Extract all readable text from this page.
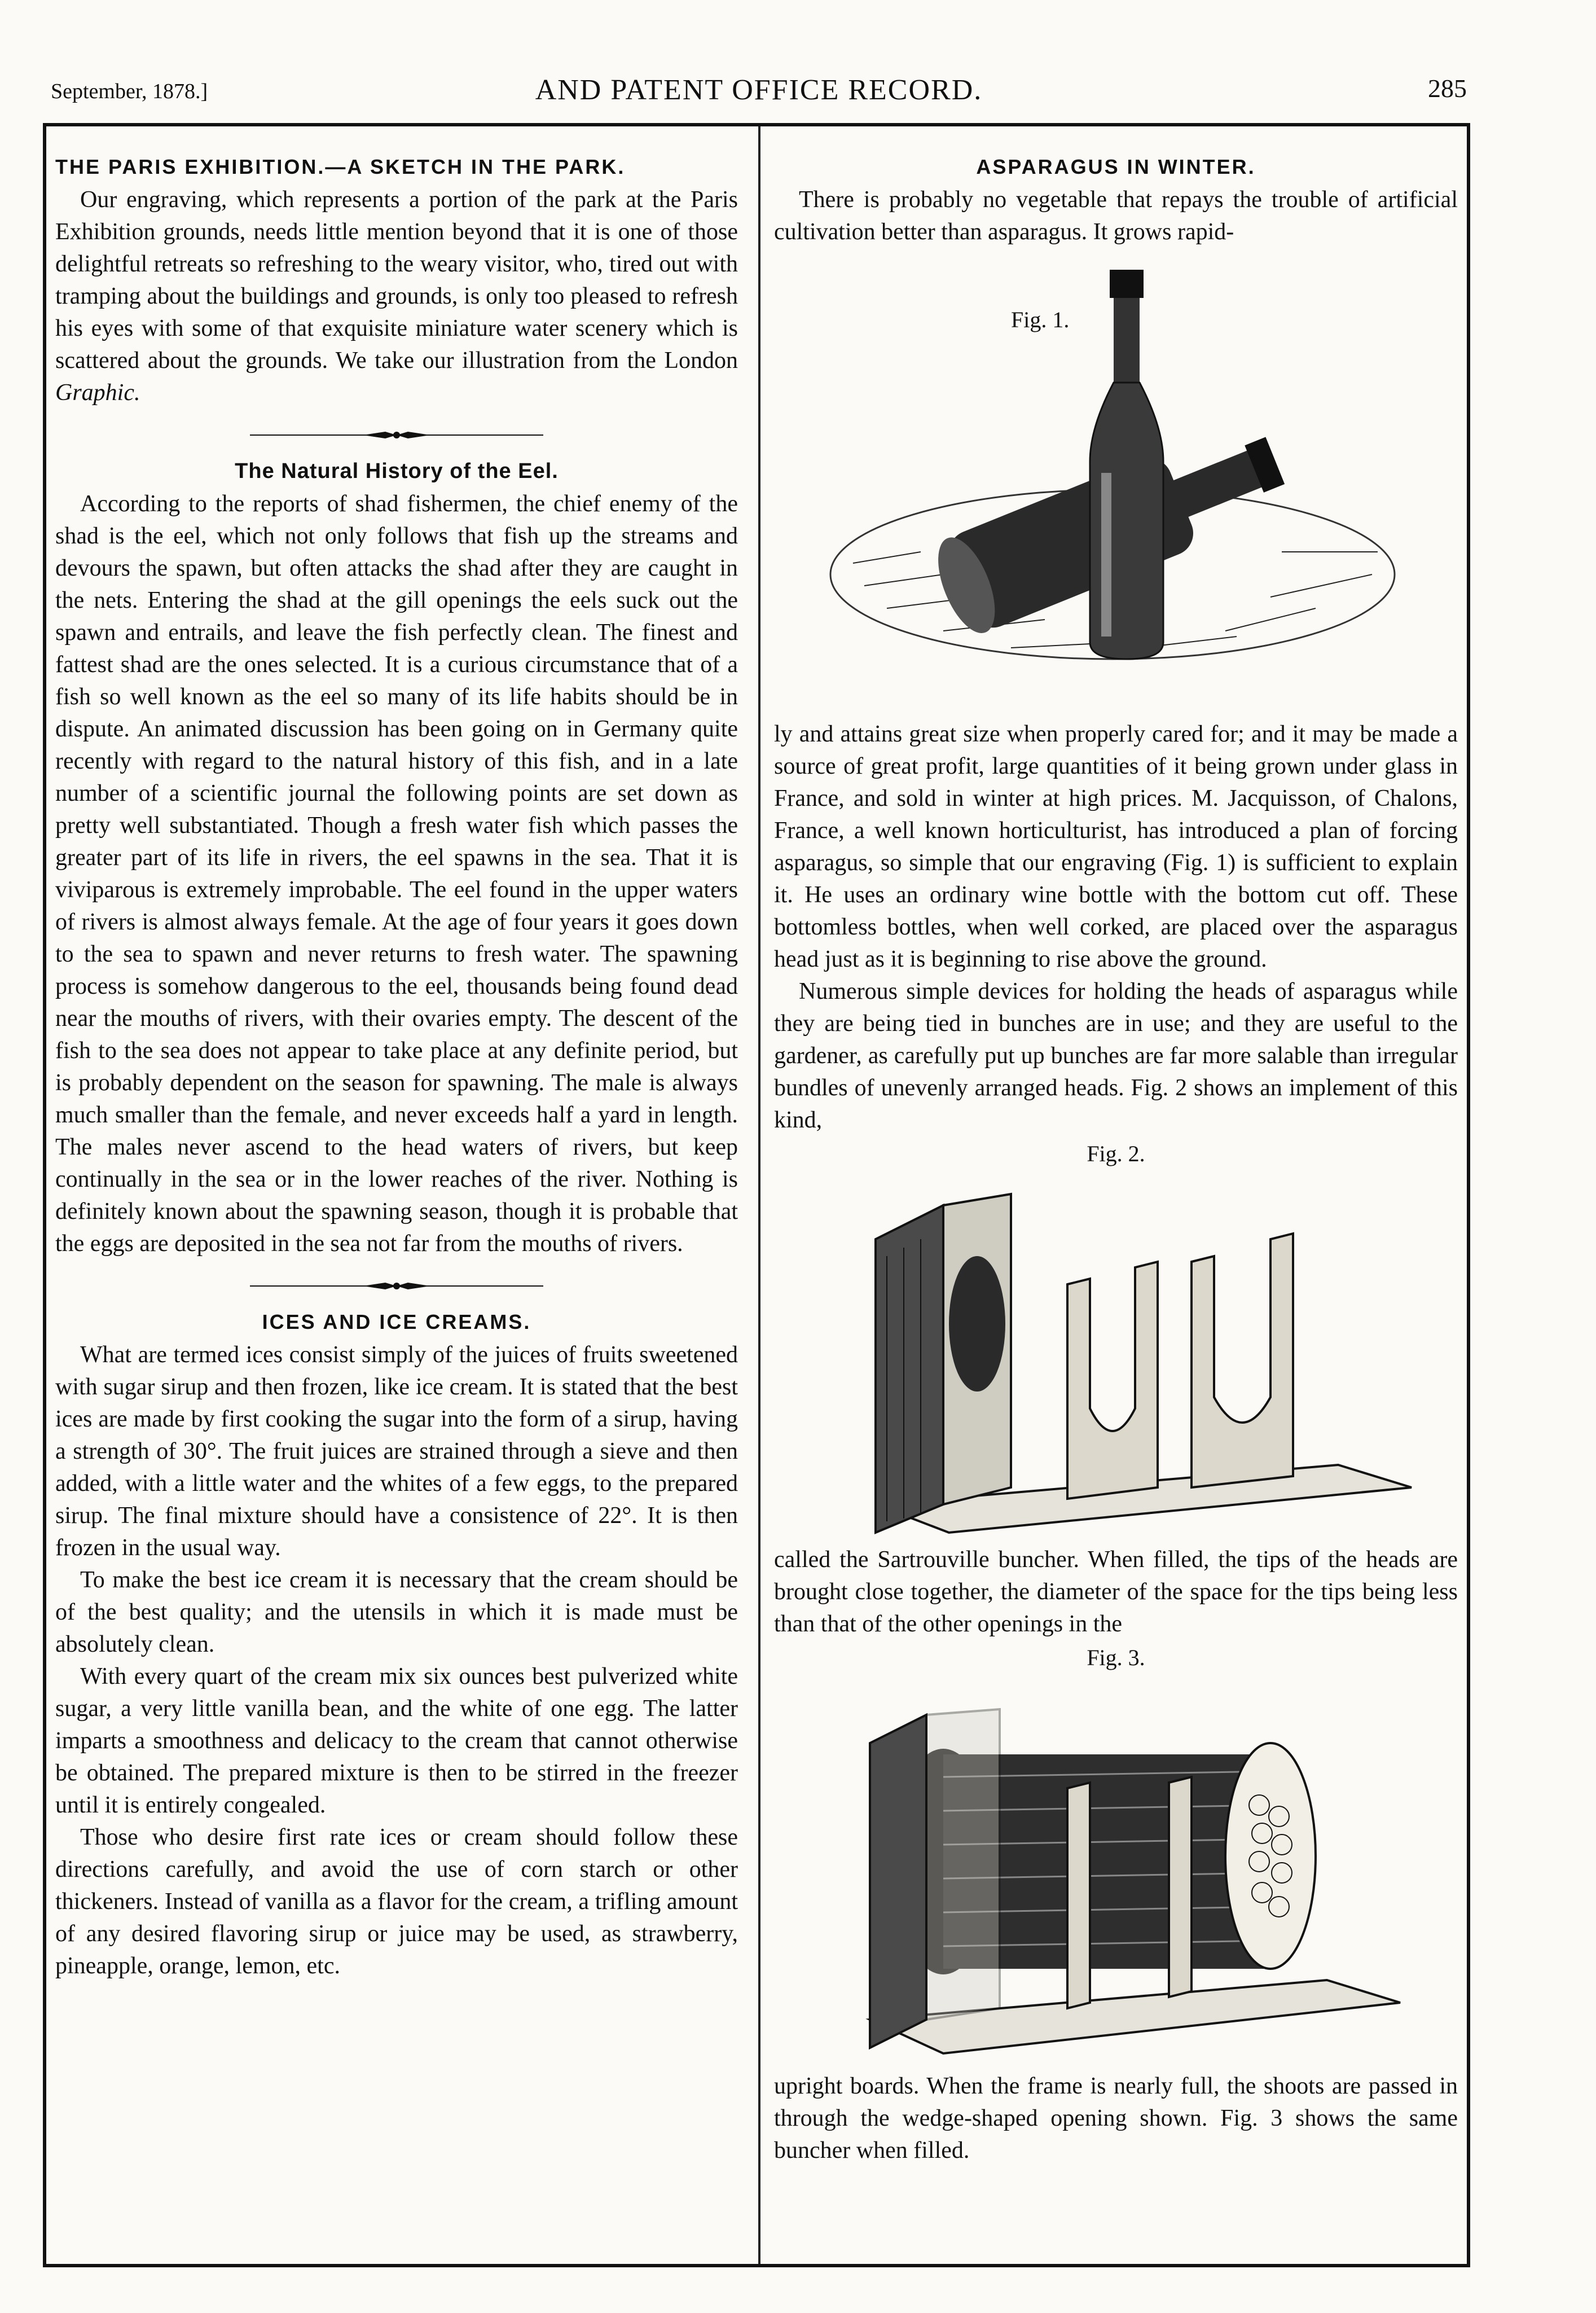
September, 1878.]	AND PATENT OFFICE RECORD.	285
THE PARIS EXHIBITION.—A SKETCH IN THE PARK.

Our engraving, which represents a portion of the park at the Paris Exhibition grounds, needs little mention beyond that it is one of those delightful retreats so refreshing to the weary visitor, who, tired out with tramping about the buildings and grounds, is only too pleased to refresh his eyes with some of that exquisite miniature water scenery which is scattered about the grounds. We take our illustration from the London Graphic.

The Natural History of the Eel.

According to the reports of shad fishermen, the chief enemy of the shad is the eel, which not only follows that fish up the streams and devours the spawn, but often attacks the shad after they are caught in the nets. Entering the shad at the gill openings the eels suck out the spawn and entrails, and leave the fish perfectly clean. The finest and fattest shad are the ones selected. It is a curious circumstance that of a fish so well known as the eel so many of its life habits should be in dispute. An animated discussion has been going on in Germany quite recently with regard to the natural history of this fish, and in a late number of a scientific journal the following points are set down as pretty well substantiated. Though a fresh water fish which passes the greater part of its life in rivers, the eel spawns in the sea. That it is viviparous is extremely improbable. The eel found in the upper waters of rivers is almost always female. At the age of four years it goes down to the sea to spawn and never returns to fresh water. The spawning process is somehow dangerous to the eel, thousands being found dead near the mouths of rivers, with their ovaries empty. The descent of the fish to the sea does not appear to take place at any definite period, but is probably dependent on the season for spawning. The male is always much smaller than the female, and never exceeds half a yard in length. The males never ascend to the head waters of rivers, but keep continually in the sea or in the lower reaches of the river. Nothing is definitely known about the spawning season, though it is probable that the eggs are deposited in the sea not far from the mouths of rivers.

ICES AND ICE CREAMS.

What are termed ices consist simply of the juices of fruits sweetened with sugar sirup and then frozen, like ice cream. It is stated that the best ices are made by first cooking the sugar into the form of a sirup, having a strength of 30°. The fruit juices are strained through a sieve and then added, with a little water and the whites of a few eggs, to the prepared sirup. The final mixture should have a consistence of 22°. It is then frozen in the usual way.

To make the best ice cream it is necessary that the cream should be of the best quality; and the utensils in which it is made must be absolutely clean.

With every quart of the cream mix six ounces best pulverized white sugar, a very little vanilla bean, and the white of one egg. The latter imparts a smoothness and delicacy to the cream that cannot otherwise be obtained. The prepared mixture is then to be stirred in the freezer until it is entirely congealed.

Those who desire first rate ices or cream should follow these directions carefully, and avoid the use of corn starch or other thickeners. Instead of vanilla as a flavor for the cream, a trifling amount of any desired flavoring sirup or juice may be used, as strawberry, pineapple, orange, lemon, etc.

ASPARAGUS IN WINTER.

There is probably no vegetable that repays the trouble of artificial cultivation better than asparagus. It grows rapid-

Fig. 1.

ly and attains great size when properly cared for; and it may be made a source of great profit, large quantities of it being grown under glass in France, and sold in winter at high prices. M. Jacquisson, of Chalons, France, a well known horticulturist, has introduced a plan of forcing asparagus, so simple that our engraving (Fig. 1) is sufficient to explain it. He uses an ordinary wine bottle with the bottom cut off. These bottomless bottles, when well corked, are placed over the asparagus head just as it is beginning to rise above the ground.

Numerous simple devices for holding the heads of asparagus while they are being tied in bunches are in use; and they are useful to the gardener, as carefully put up bunches are far more salable than irregular bundles of unevenly arranged heads. Fig. 2 shows an implement of this kind,

Fig. 2.

called the Sartrouville buncher. When filled, the tips of the heads are brought close together, the diameter of the space for the tips being less than that of the other openings in the

Fig. 3.

upright boards. When the frame is nearly full, the shoots are passed in through the wedge-shaped opening shown. Fig. 3 shows the same buncher when filled.
